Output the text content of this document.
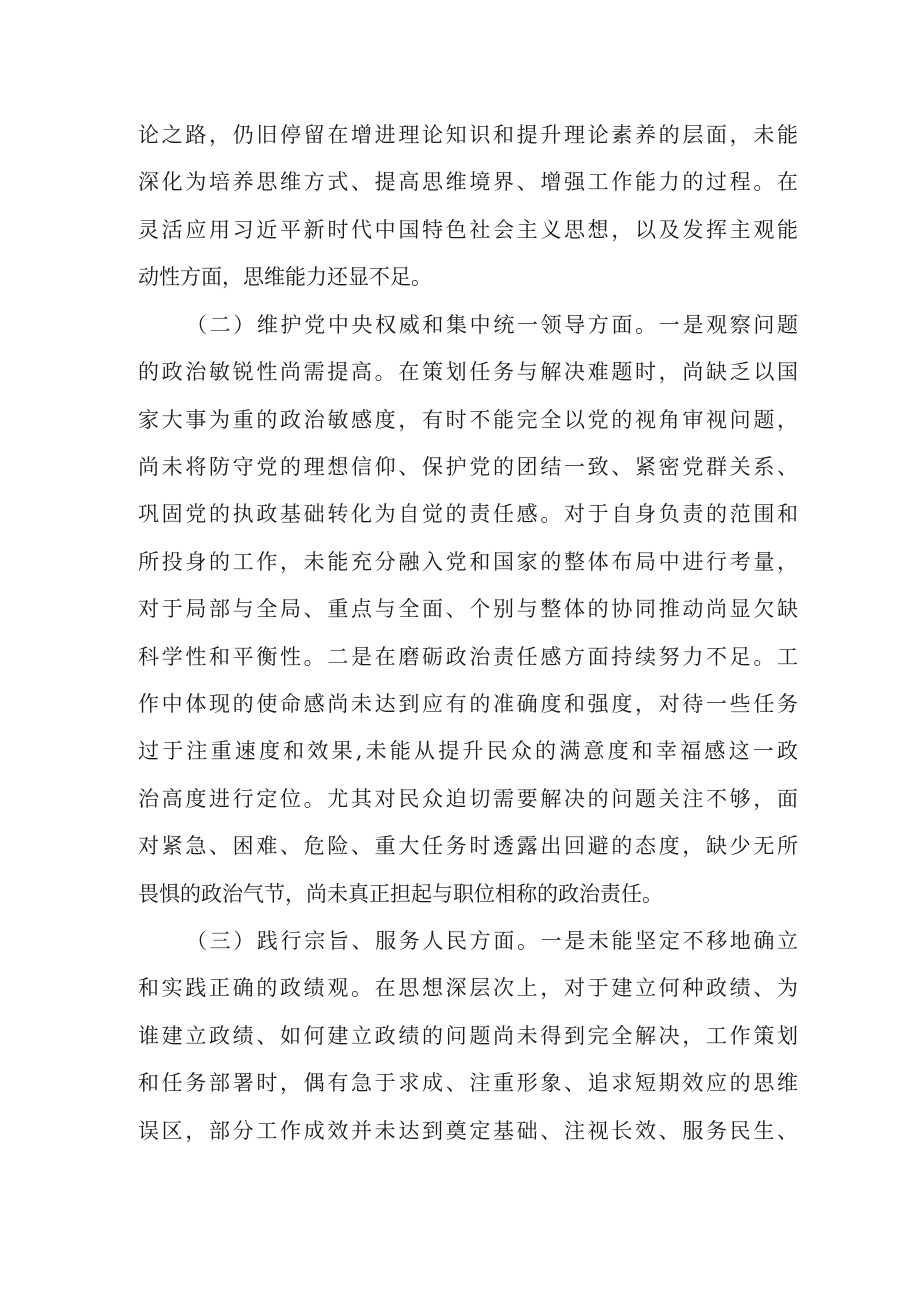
论之路，仍旧停留在增进理论知识和提升理论素养的层面，未能
深化为培养思维方式、提高思维境界、增强工作能力的过程。在
灵活应用习近平新时代中国特色社会主义思想，以及发挥主观能
动性方面，思维能力还显不足。
（二）维护党中央权威和集中统一领导方面。一是观察问题
的政治敏锐性尚需提高。在策划任务与解决难题时，尚缺乏以国
家大事为重的政治敏感度，有时不能完全以党的视角审视问题，
尚未将防守党的理想信仰、保护党的团结一致、紧密党群关系、
巩固党的执政基础转化为自觉的责任感。对于自身负责的范围和
所投身的工作，未能充分融入党和国家的整体布局中进行考量，
对于局部与全局、重点与全面、个别与整体的协同推动尚显欠缺
科学性和平衡性。二是在磨砺政治责任感方面持续努力不足。工
作中体现的使命感尚未达到应有的准确度和强度，对待一些任务
过于注重速度和效果,未能从提升民众的满意度和幸福感这一政
治高度进行定位。尤其对民众迫切需要解决的问题关注不够，面
对紧急、困难、危险、重大任务时透露出回避的态度，缺少无所
畏惧的政治气节，尚未真正担起与职位相称的政治责任。
（三）践行宗旨、服务人民方面。一是未能坚定不移地确立
和实践正确的政绩观。在思想深层次上，对于建立何种政绩、为
谁建立政绩、如何建立政绩的问题尚未得到完全解决，工作策划
和任务部署时，偶有急于求成、注重形象、追求短期效应的思维
误区，部分工作成效并未达到奠定基础、注视长效、服务民生、
